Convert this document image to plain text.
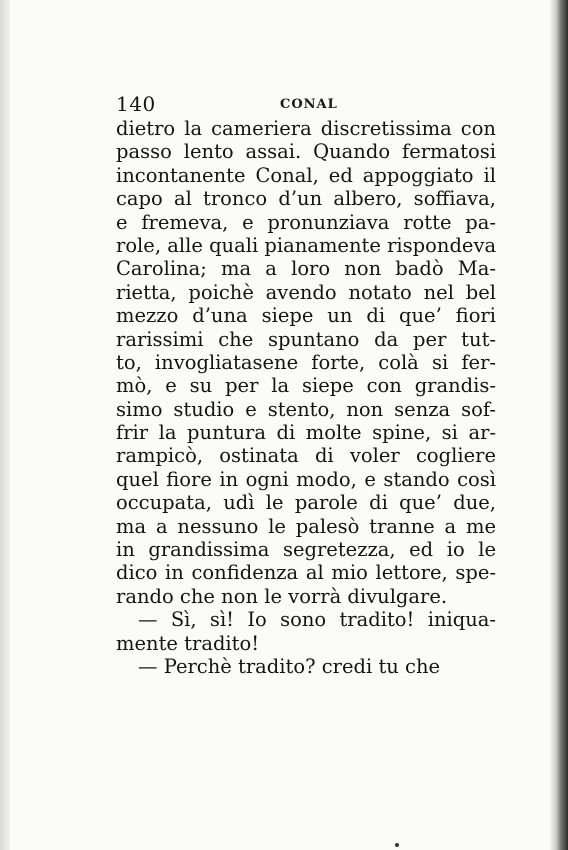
140	CONAL
dietro la cameriera discretissima con
passo lento assai. Quando fermatosi
incontanente Conal, ed appoggiato il
capo al tronco d’un albero, soffiava,
e fremeva, e pronunziava rotte pa-
role, alle quali pianamente rispondeva
Carolina; ma a loro non badò Ma-
rietta, poichè avendo notato nel bel
mezzo d’una siepe un di que’ fiori
rarissimi che spuntano da per tut-
to, invogliatasene forte, colà si fer-
mò, e su per la siepe con grandis-
simo studio e stento, non senza sof-
frir la puntura di molte spine, si ar-
rampicò, ostinata di voler cogliere
quel fiore in ogni modo, e stando così
occupata, udì le parole di que’ due,
ma a nessuno le palesò tranne a me
in grandissima segretezza, ed io le
dico in confidenza al mio lettore, spe-
rando che non le vorrà divulgare.
— Sì, sì! Io sono tradito! iniqua-
mente tradito!
— Perchè tradito? credi tu che
